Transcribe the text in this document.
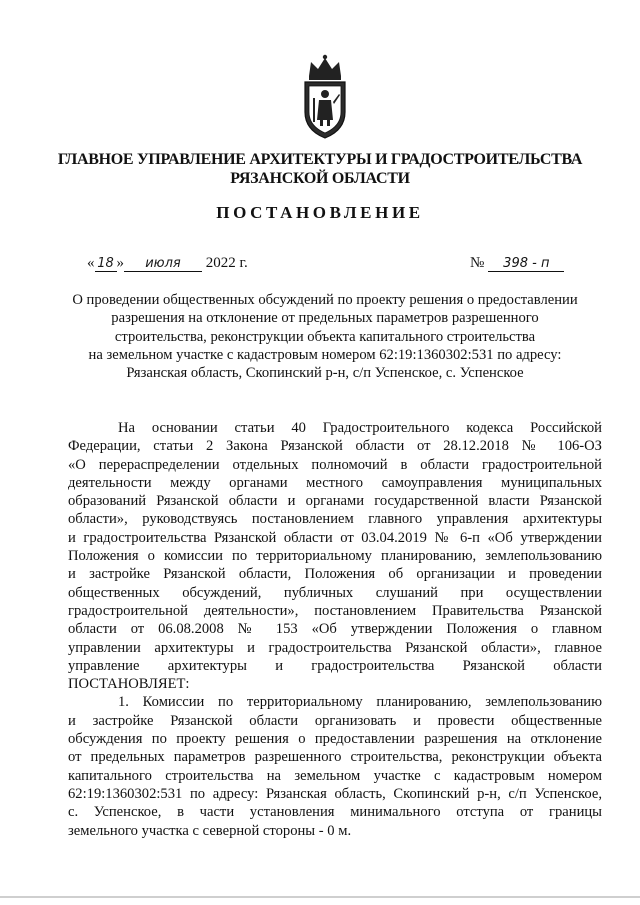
ГЛАВНОЕ УПРАВЛЕНИЕ АРХИТЕКТУРЫ И ГРАДОСТРОИТЕЛЬСТВА

РЯЗАНСКОЙ ОБЛАСТИ

ПОСТАНОВЛЕНИЕ

« 18 » июля 2022 г.	№ 398 - п
О проведении общественных обсуждений по проекту решения о предоставлении
разрешения на отклонение от предельных параметров разрешенного
строительства, реконструкции объекта капитального строительства
на земельном участке с кадастровым номером 62:19:1360302:531 по адресу:
Рязанская область, Скопинский р-н, с/п Успенское, с. Успенское
На основании статьи 40 Градостроительного кодекса Российской
Федерации, статьи 2 Закона Рязанской области от 28.12.2018 № 106-ОЗ
«О перераспределении отдельных полномочий в области градостроительной
деятельности между органами местного самоуправления муниципальных
образований Рязанской области и органами государственной власти Рязанской
области», руководствуясь постановлением главного управления архитектуры
и градостроительства Рязанской области от 03.04.2019 № 6-п «Об утверждении
Положения о комиссии по территориальному планированию, землепользованию
и застройке Рязанской области, Положения об организации и проведении
общественных обсуждений, публичных слушаний при осуществлении
градостроительной деятельности», постановлением Правительства Рязанской
области от 06.08.2008 № 153 «Об утверждении Положения о главном
управлении архитектуры и градостроительства Рязанской области», главное
управление архитектуры и градостроительства Рязанской области
ПОСТАНОВЛЯЕТ:
1. Комиссии по территориальному планированию, землепользованию
и застройке Рязанской области организовать и провести общественные
обсуждения по проекту решения о предоставлении разрешения на отклонение
от предельных параметров разрешенного строительства, реконструкции объекта
капитального строительства на земельном участке с кадастровым номером
62:19:1360302:531 по адресу: Рязанская область, Скопинский р-н, с/п Успенское,
с. Успенское, в части установления минимального отступа от границы
земельного участка с северной стороны - 0 м.
